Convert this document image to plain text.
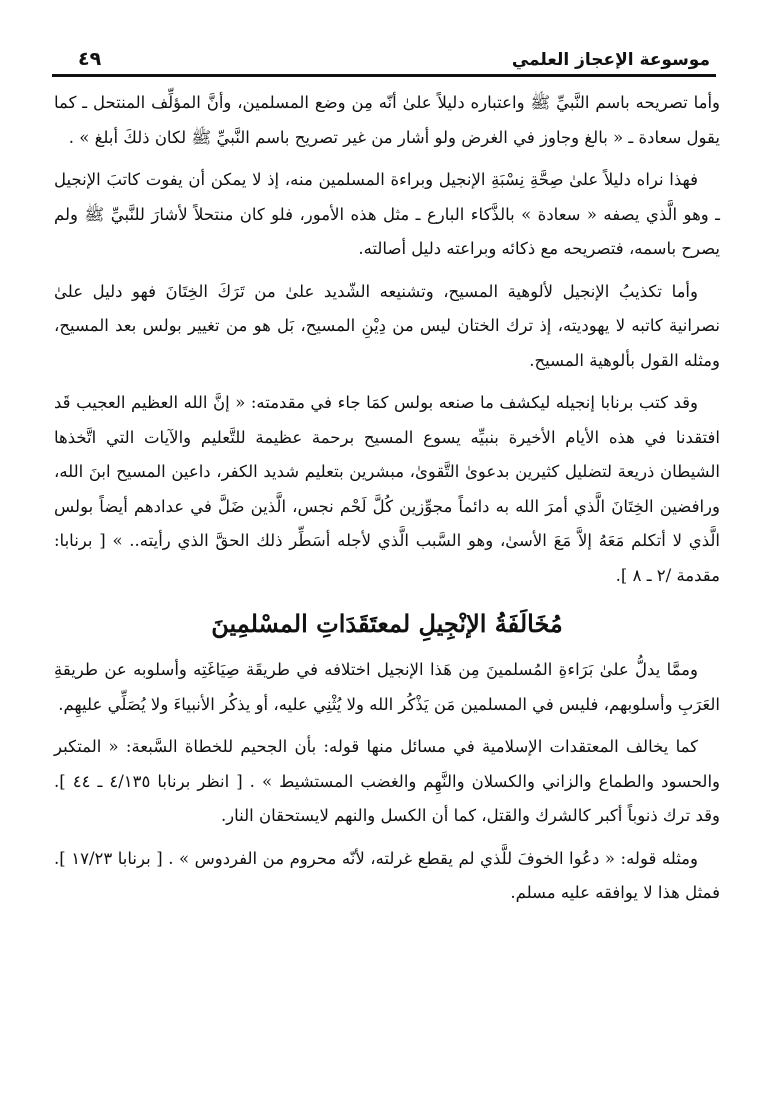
موسوعة الإعجاز العلمي
٤٩

وأما تصريحه باسم النَّبيِّ ﷺ واعتباره دليلاً علىٰ أنّه مِن وضع المسلمين، وأنَّ المؤلِّف المنتحل ـ كما يقول سعادة ـ « بالغ وجاوز في الغرض ولو أشار من غير تصريح باسم النَّبيِّ ﷺ لكان ذلكَ أبلغ » .

فهذا نراه دليلاً علىٰ صِحَّةِ نِسْبَةِ الإنجيل وبراءة المسلمين منه، إذ لا يمكن أن يفوت كاتبَ الإنجيل ـ وهو الَّذي يصفه « سعادة » بالذَّكاء البارع ـ مثل هذه الأمور، فلو كان منتحلاً لأشارَ للنَّبيِّ ﷺ ولم يصرح باسمه، فتصريحه مع ذكائه وبراعته دليل أصالته.

وأما تكذيبُ الإنجيل لألوهية المسيح، وتشنيعه الشّديد علىٰ من تَرَكَ الخِتَانَ فهو دليل علىٰ نصرانية كاتبه لا يهوديته، إذ ترك الختان ليس من دِيْنِ المسيح، بَل هو من تغيير بولس بعد المسيح، ومثله القول بألوهية المسيح.

وقد كتب برنابا إنجيله ليكشف ما صنعه بولس كمَا جاء في مقدمته: « إنَّ الله العظيم العجيب قَد افتقدنا في هذه الأيام الأخيرة بنبيِّه يسوع المسيح برحمة عظيمة للتَّعليم والآيات التي اتَّخذها الشيطان ذريعة لتضليل كثيرين بدعوىٰ التَّقوىٰ، مبشرين بتعليم شديد الكفر، داعين المسيح ابنَ الله، ورافضين الخِتَانَ الَّذي أمرَ الله به دائماً مجوِّزين كُلَّ لَحْم نجس، الَّذين ضَلَّ في عدادهم أيضاً بولس الَّذي لا أتكلم مَعَهُ إلاَّ مَعَ الأسىٰ، وهو السَّبب الَّذي لأجله أسَطِّر ذلك الحقَّ الذي رأيته.. » [ برنابا: مقدمة /٢ ـ ٨ ].

مُخَالَفَةُ الإنْجِيلِ لمعتَقَدَاتِ المسْلمِينَ

وممَّا يدلُّ علىٰ بَرَاءةِ المُسلمينَ مِن هَذا الإنجيل اختلافه في طريقَة صِيَاغَتِه وأسلوبه عن طريقةِ العَرَبِ وأسلوبهم، فليس في المسلمين مَن يَذْكُر الله ولا يُثْنِي عليه، أو يذكُر الأنبياءَ ولا يُصَلِّي عليهِم.

كما يخالف المعتقدات الإسلامية في مسائل منها قوله: بأن الجحيم للخطاة السَّبعة: « المتكبر والحسود والطماع والزاني والكسلان والنَّهِم والغضب المستشيط » . [ انظر برنابا ٤/١٣٥ ـ ٤٤ ]. وقد ترك ذنوباً أكبر كالشرك والقتل، كما أن الكسل والنهم لايستحقان النار.

ومثله قوله: « دعُوا الخوفَ للَّذي لم يقطع غرلته، لأنّه محروم من الفردوس » . [ برنابا ١٧/٢٣ ]. فمثل هذا لا يوافقه عليه مسلم.
